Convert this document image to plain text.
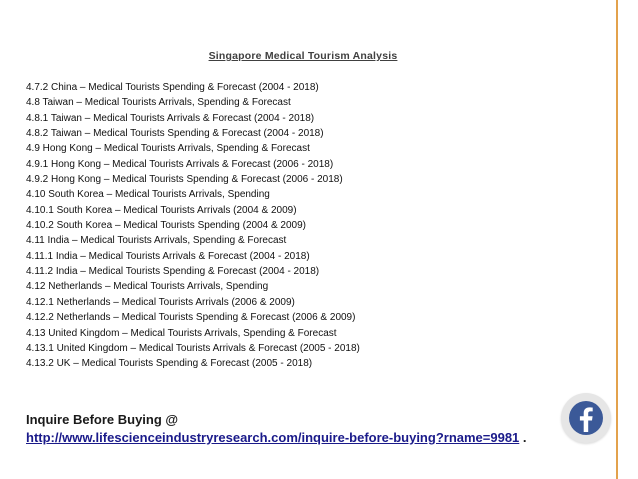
Singapore Medical Tourism Analysis
4.7.2 China – Medical Tourists Spending & Forecast (2004 - 2018)
4.8 Taiwan – Medical Tourists Arrivals, Spending & Forecast
4.8.1 Taiwan – Medical Tourists Arrivals & Forecast (2004 - 2018)
4.8.2 Taiwan – Medical Tourists Spending & Forecast (2004 - 2018)
4.9 Hong Kong – Medical Tourists Arrivals, Spending & Forecast
4.9.1 Hong Kong – Medical Tourists Arrivals & Forecast (2006 - 2018)
4.9.2 Hong Kong – Medical Tourists Spending & Forecast (2006 - 2018)
4.10 South Korea – Medical Tourists Arrivals, Spending
4.10.1 South Korea – Medical Tourists Arrivals (2004 & 2009)
4.10.2 South Korea – Medical Tourists Spending (2004 & 2009)
4.11 India – Medical Tourists Arrivals, Spending & Forecast
4.11.1 India – Medical Tourists Arrivals & Forecast (2004 - 2018)
4.11.2 India – Medical Tourists Spending & Forecast (2004 - 2018)
4.12 Netherlands – Medical Tourists Arrivals, Spending
4.12.1 Netherlands – Medical Tourists Arrivals (2006 & 2009)
4.12.2 Netherlands – Medical Tourists Spending & Forecast (2006 & 2009)
4.13 United Kingdom – Medical Tourists Arrivals, Spending & Forecast
4.13.1 United Kingdom – Medical Tourists Arrivals & Forecast (2005 - 2018)
4.13.2 UK – Medical Tourists Spending & Forecast (2005 - 2018)
Inquire Before Buying @
http://www.lifescienceindustryresearch.com/inquire-before-buying?rname=9981 .
